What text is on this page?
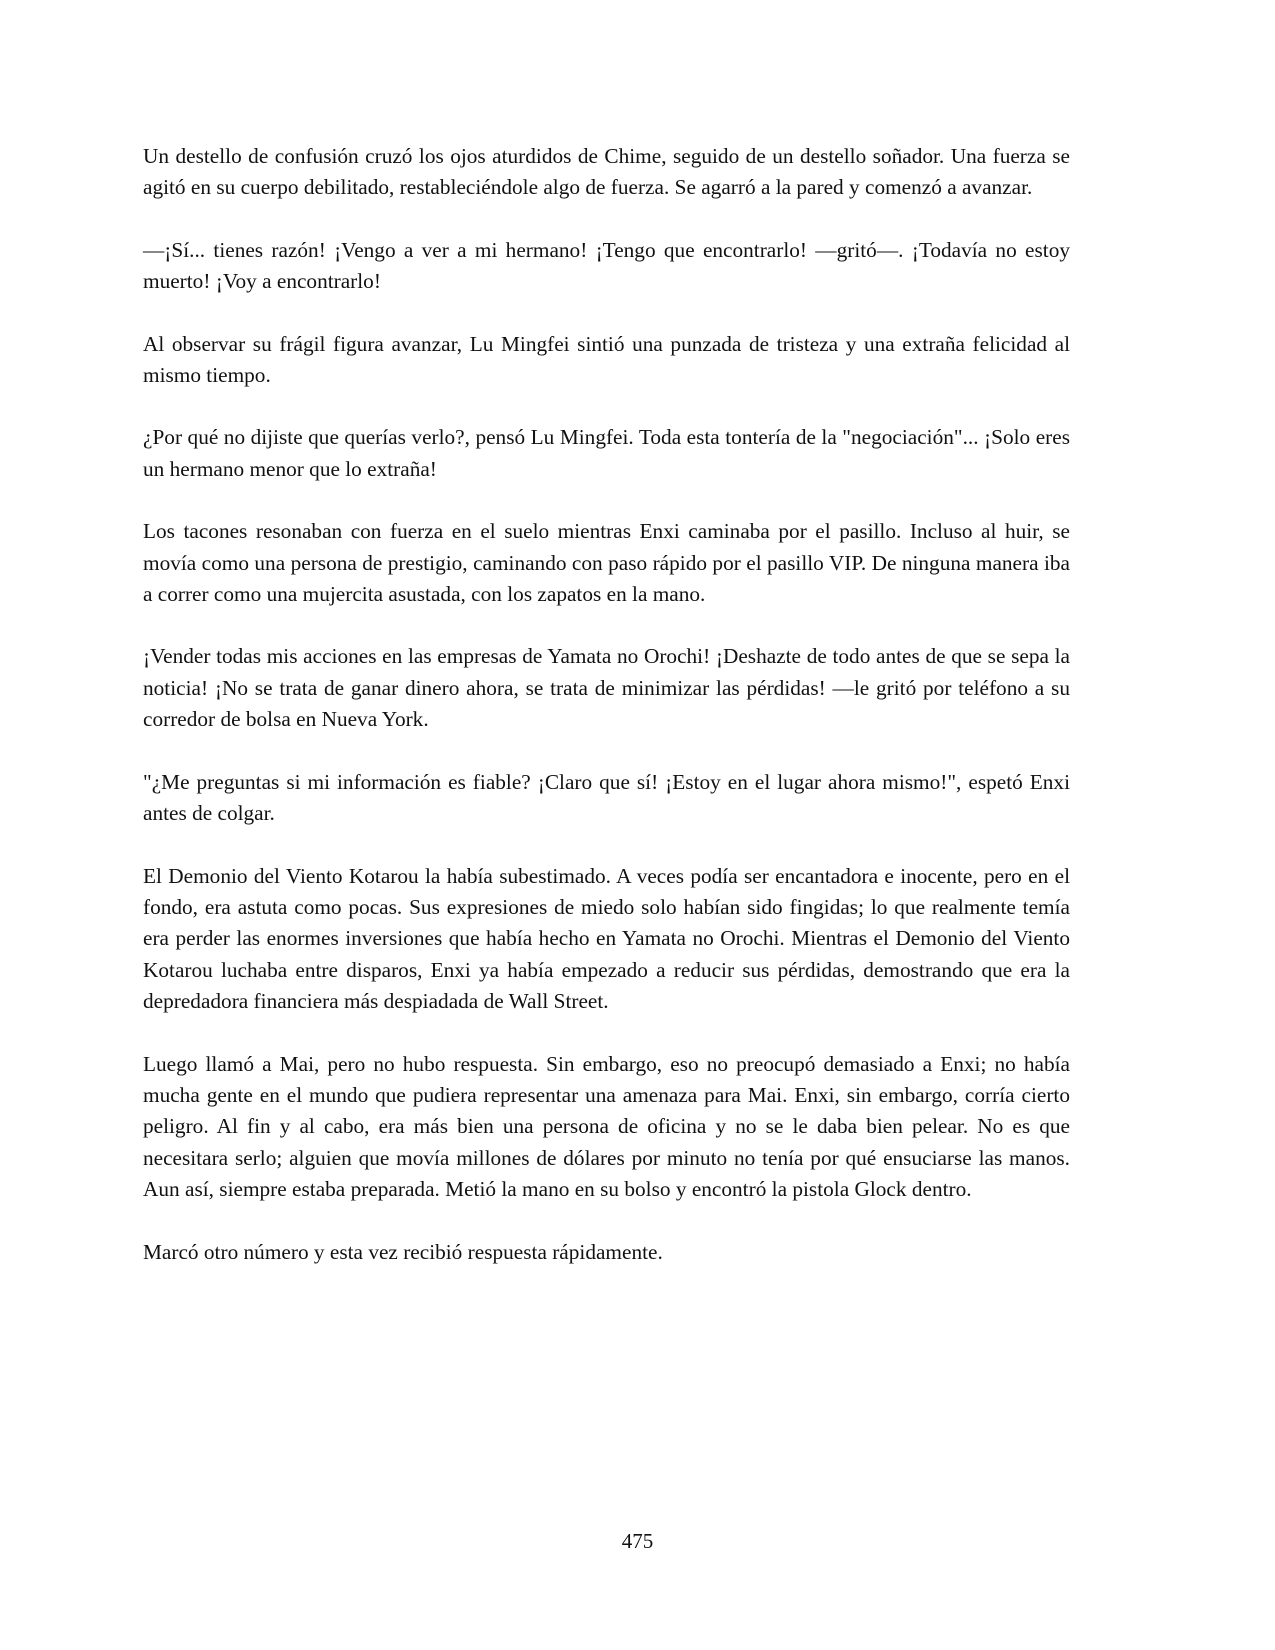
Un destello de confusión cruzó los ojos aturdidos de Chime, seguido de un destello soñador. Una fuerza se agitó en su cuerpo debilitado, restableciéndole algo de fuerza. Se agarró a la pared y comenzó a avanzar.

—¡Sí... tienes razón! ¡Vengo a ver a mi hermano! ¡Tengo que encontrarlo! —gritó—. ¡Todavía no estoy muerto! ¡Voy a encontrarlo!

Al observar su frágil figura avanzar, Lu Mingfei sintió una punzada de tristeza y una extraña felicidad al mismo tiempo.

¿Por qué no dijiste que querías verlo?, pensó Lu Mingfei. Toda esta tontería de la "negociación"... ¡Solo eres un hermano menor que lo extraña!

Los tacones resonaban con fuerza en el suelo mientras Enxi caminaba por el pasillo. Incluso al huir, se movía como una persona de prestigio, caminando con paso rápido por el pasillo VIP. De ninguna manera iba a correr como una mujercita asustada, con los zapatos en la mano.

¡Vender todas mis acciones en las empresas de Yamata no Orochi! ¡Deshazte de todo antes de que se sepa la noticia! ¡No se trata de ganar dinero ahora, se trata de minimizar las pérdidas! —le gritó por teléfono a su corredor de bolsa en Nueva York.

"¿Me preguntas si mi información es fiable? ¡Claro que sí! ¡Estoy en el lugar ahora mismo!", espetó Enxi antes de colgar.

El Demonio del Viento Kotarou la había subestimado. A veces podía ser encantadora e inocente, pero en el fondo, era astuta como pocas. Sus expresiones de miedo solo habían sido fingidas; lo que realmente temía era perder las enormes inversiones que había hecho en Yamata no Orochi. Mientras el Demonio del Viento Kotarou luchaba entre disparos, Enxi ya había empezado a reducir sus pérdidas, demostrando que era la depredadora financiera más despiadada de Wall Street.

Luego llamó a Mai, pero no hubo respuesta. Sin embargo, eso no preocupó demasiado a Enxi; no había mucha gente en el mundo que pudiera representar una amenaza para Mai. Enxi, sin embargo, corría cierto peligro. Al fin y al cabo, era más bien una persona de oficina y no se le daba bien pelear. No es que necesitara serlo; alguien que movía millones de dólares por minuto no tenía por qué ensuciarse las manos. Aun así, siempre estaba preparada. Metió la mano en su bolso y encontró la pistola Glock dentro.

Marcó otro número y esta vez recibió respuesta rápidamente.

475
